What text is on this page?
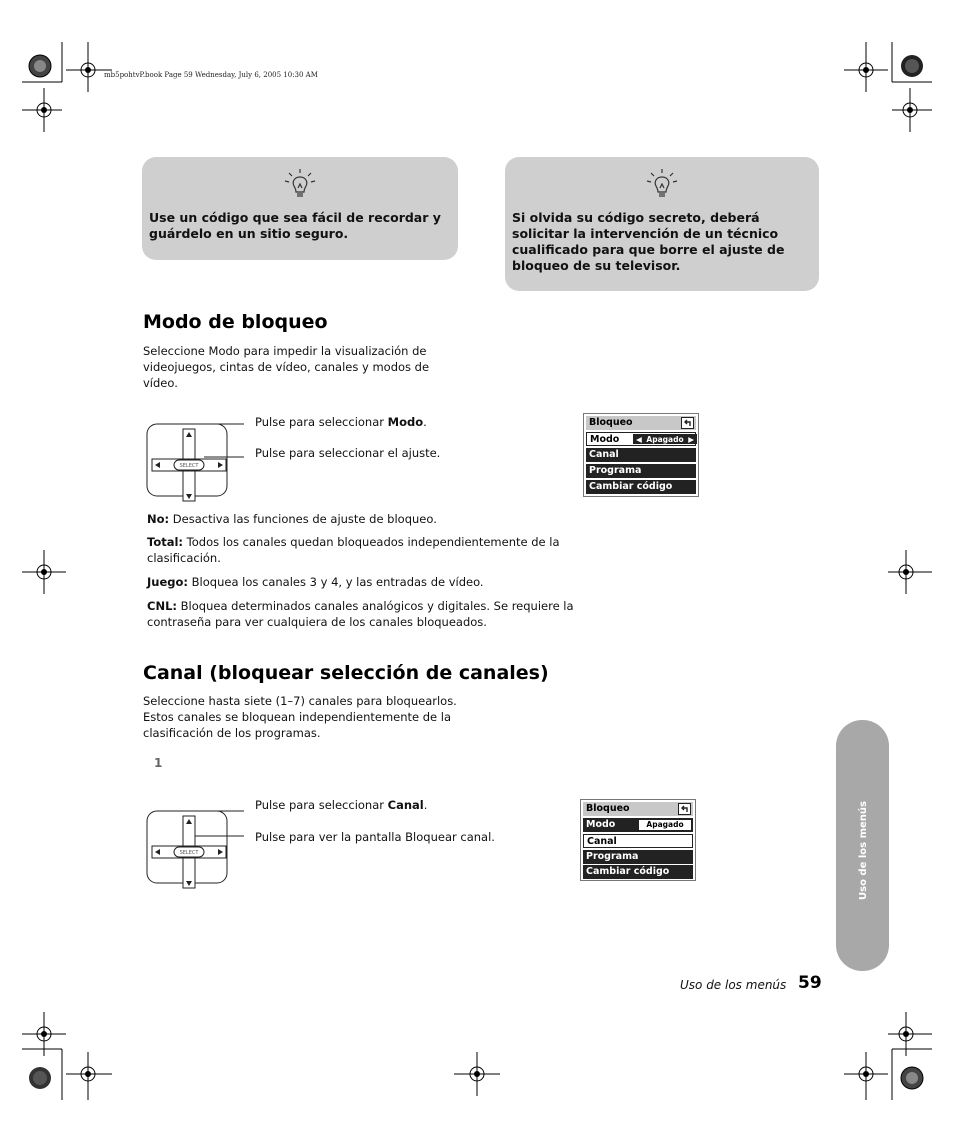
mb5pohtvP.book Page 59 Wednesday, July 6, 2005 10:30 AM
Use un código que sea fácil de recordar y guárdelo en un sitio seguro.
Si olvida su código secreto, deberá solicitar la intervención de un técnico cualificado para que borre el ajuste de bloqueo de su televisor.
Modo de bloqueo
Seleccione Modo para impedir la visualización de videojuegos, cintas de vídeo, canales y modos de vídeo.
SELECT
Pulse para seleccionar Modo.
Pulse para seleccionar el ajuste.
Bloqueo
Modo ◀ Apagado ▶
Canal
Programa
Cambiar código
No: Desactiva las funciones de ajuste de bloqueo.
Total: Todos los canales quedan bloqueados independientemente de la clasificación.
Juego: Bloquea los canales 3 y 4, y las entradas de vídeo.
CNL: Bloquea determinados canales analógicos y digitales. Se requiere la contraseña para ver cualquiera de los canales bloqueados.
Canal (bloquear selección de canales)
Seleccione hasta siete (1–7) canales para bloquearlos. Estos canales se bloquean independientemente de la clasificación de los programas.
1
SELECT
Pulse para seleccionar Canal.
Pulse para ver la pantalla Bloquear canal.
Bloqueo
Modo	Apagado
Canal
Programa
Cambiar código	Uso de los menús
Uso de los menús 59
